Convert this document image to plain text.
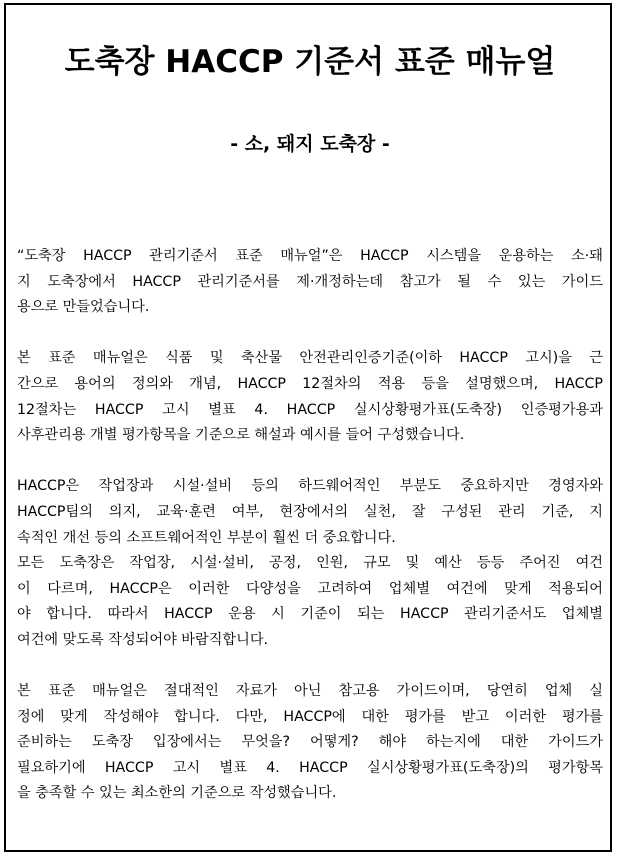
도축장 HACCP 기준서 표준 매뉴얼
- 소, 돼지 도축장 -
“도축장 HACCP 관리기준서 표준 매뉴얼”은 HACCP 시스템을 운용하는 소·돼
지 도축장에서 HACCP 관리기준서를 제·개정하는데 참고가 될 수 있는 가이드
용으로 만들었습니다.
본 표준 매뉴얼은 식품 및 축산물 안전관리인증기준(이하 HACCP 고시)을 근
간으로 용어의 정의와 개념, HACCP 12절차의 적용 등을 설명했으며, HACCP
12절차는 HACCP 고시 별표 4. HACCP 실시상황평가표(도축장) 인증평가용과
사후관리용 개별 평가항목을 기준으로 해설과 예시를 들어 구성했습니다.
HACCP은 작업장과 시설·설비 등의 하드웨어적인 부분도 중요하지만 경영자와
HACCP팀의 의지, 교육·훈련 여부, 현장에서의 실천, 잘 구성된 관리 기준, 지
속적인 개선 등의 소프트웨어적인 부분이 훨씬 더 중요합니다.
모든 도축장은 작업장, 시설·설비, 공정, 인원, 규모 및 예산 등등 주어진 여건
이 다르며, HACCP은 이러한 다양성을 고려하여 업체별 여건에 맞게 적용되어
야 합니다. 따라서 HACCP 운용 시 기준이 되는 HACCP 관리기준서도 업체별
여건에 맞도록 작성되어야 바람직합니다.
본 표준 매뉴얼은 절대적인 자료가 아닌 참고용 가이드이며, 당연히 업체 실
정에 맞게 작성해야 합니다. 다만, HACCP에 대한 평가를 받고 이러한 평가를
준비하는 도축장 입장에서는 무엇을? 어떻게? 해야 하는지에 대한 가이드가
필요하기에 HACCP 고시 별표 4. HACCP 실시상황평가표(도축장)의 평가항목
을 충족할 수 있는 최소한의 기준으로 작성했습니다.
